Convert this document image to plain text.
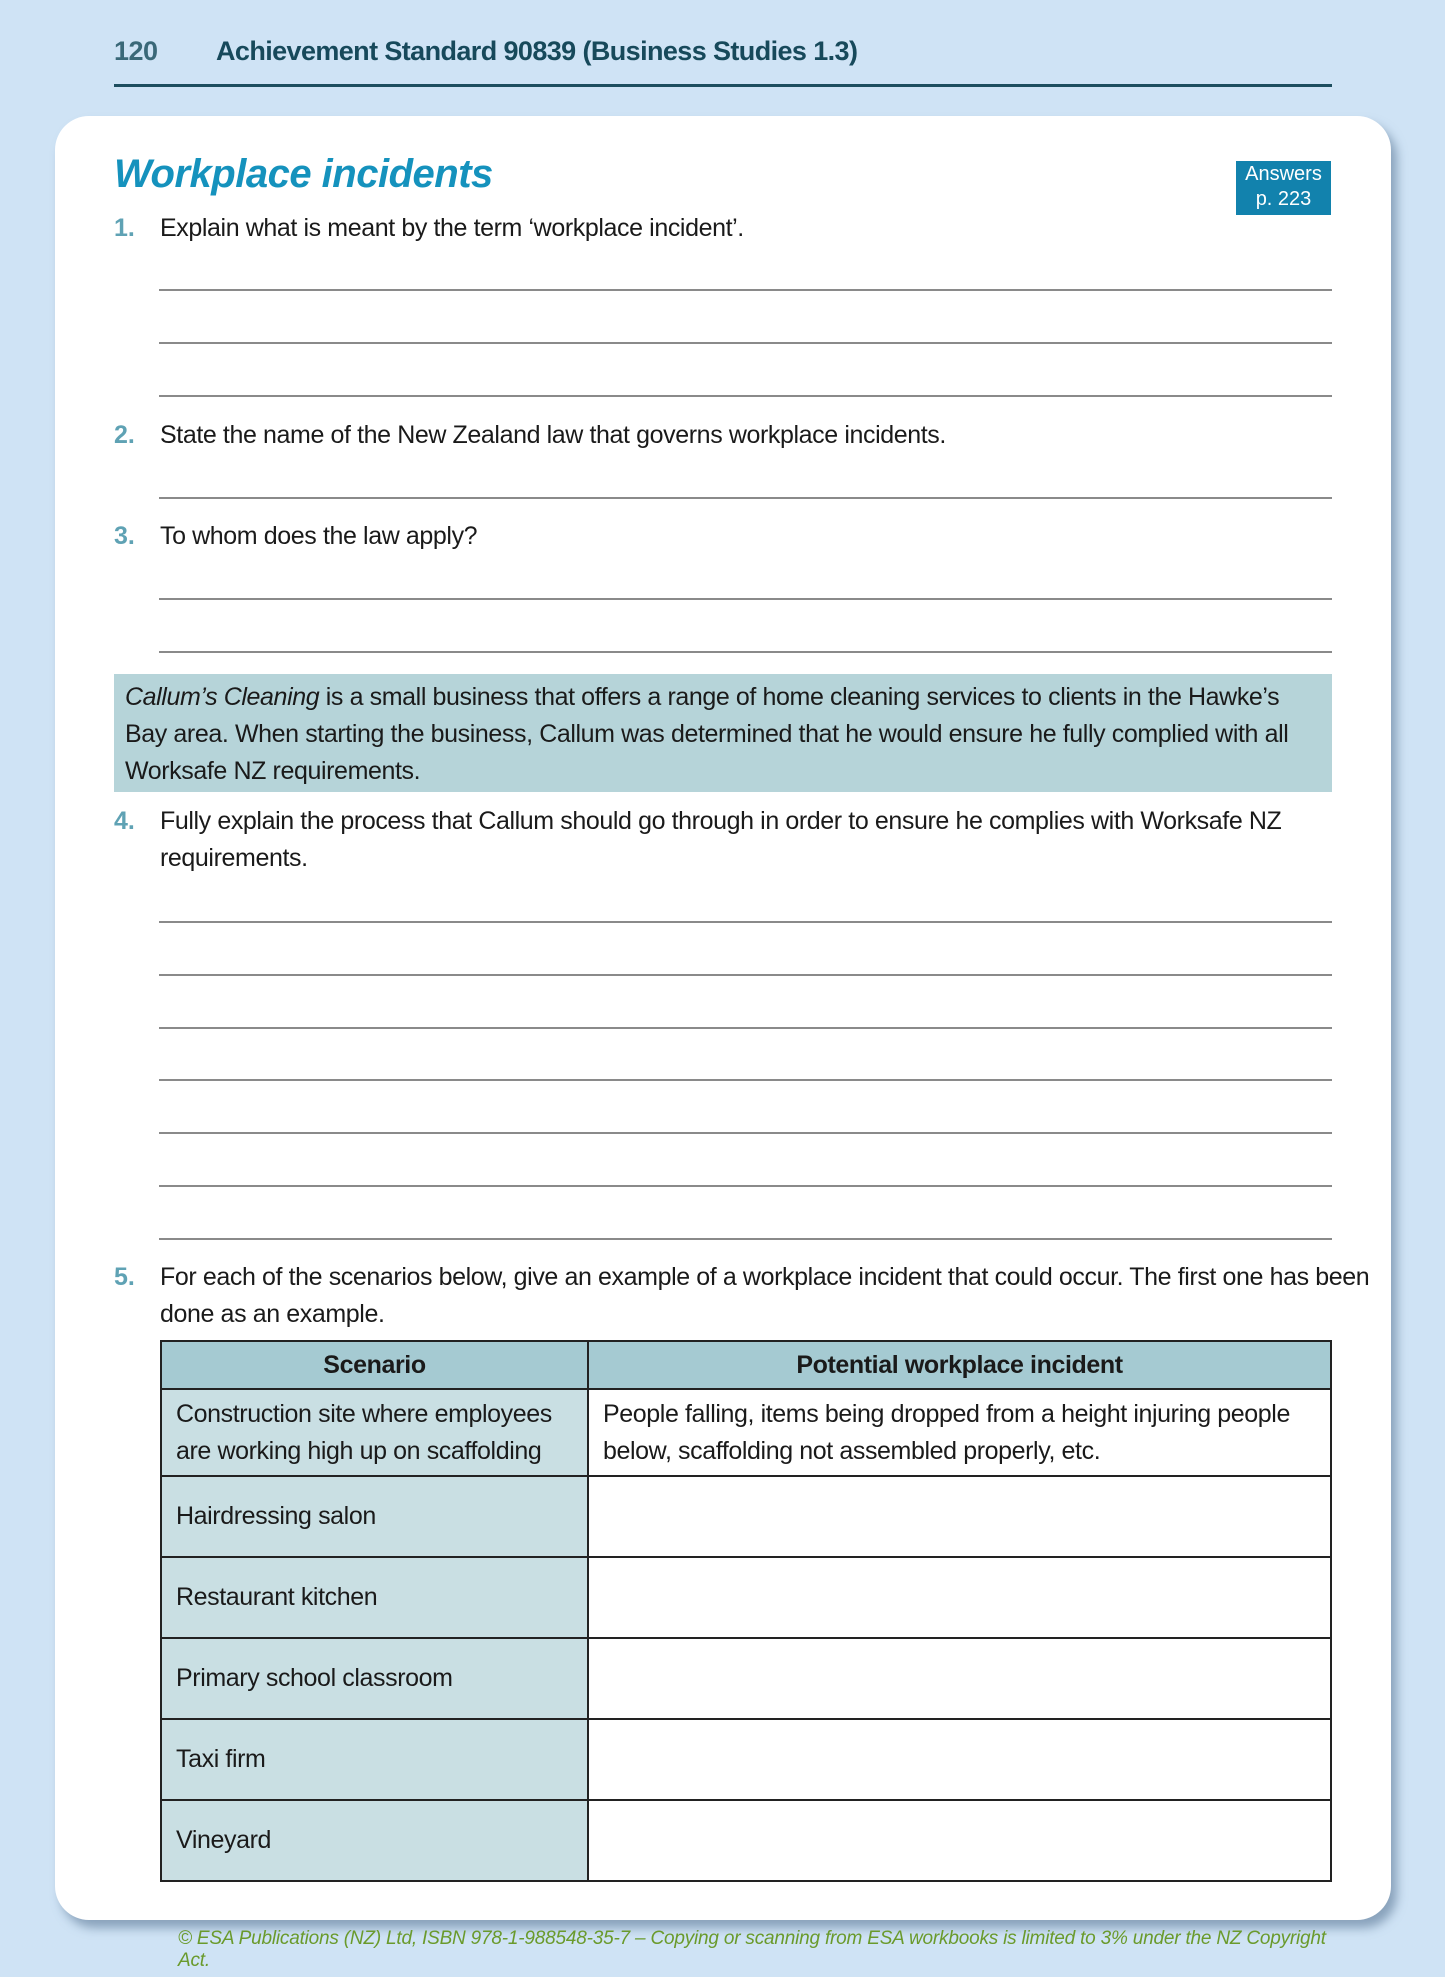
120 Achievement Standard 90839 (Business Studies 1.3)
Workplace incidents	Answers
p. 223
1. Explain what is meant by the term ‘workplace incident’.
2. State the name of the New Zealand law that governs workplace incidents.
3. To whom does the law apply?
Callum’s Cleaning is a small business that offers a range of home cleaning services to clients in the Hawke’s Bay area. When starting the business, Callum was determined that he would ensure he fully complied with all Worksafe NZ requirements.
4. Fully explain the process that Callum should go through in order to ensure he complies with Worksafe NZ requirements.
5. For each of the scenarios below, give an example of a workplace incident that could occur. The first one has been done as an example.
Scenario	Potential workplace incident
Construction site where employees are working high up on scaffolding	People falling, items being dropped from a height injuring people below, scaffolding not assembled properly, etc.
Hairdressing salon	
Restaurant kitchen	
Primary school classroom	
Taxi firm	
Vineyard	
© ESA Publications (NZ) Ltd, ISBN 978-1-988548-35-7 – Copying or scanning from ESA workbooks is limited to 3% under the NZ Copyright Act.
